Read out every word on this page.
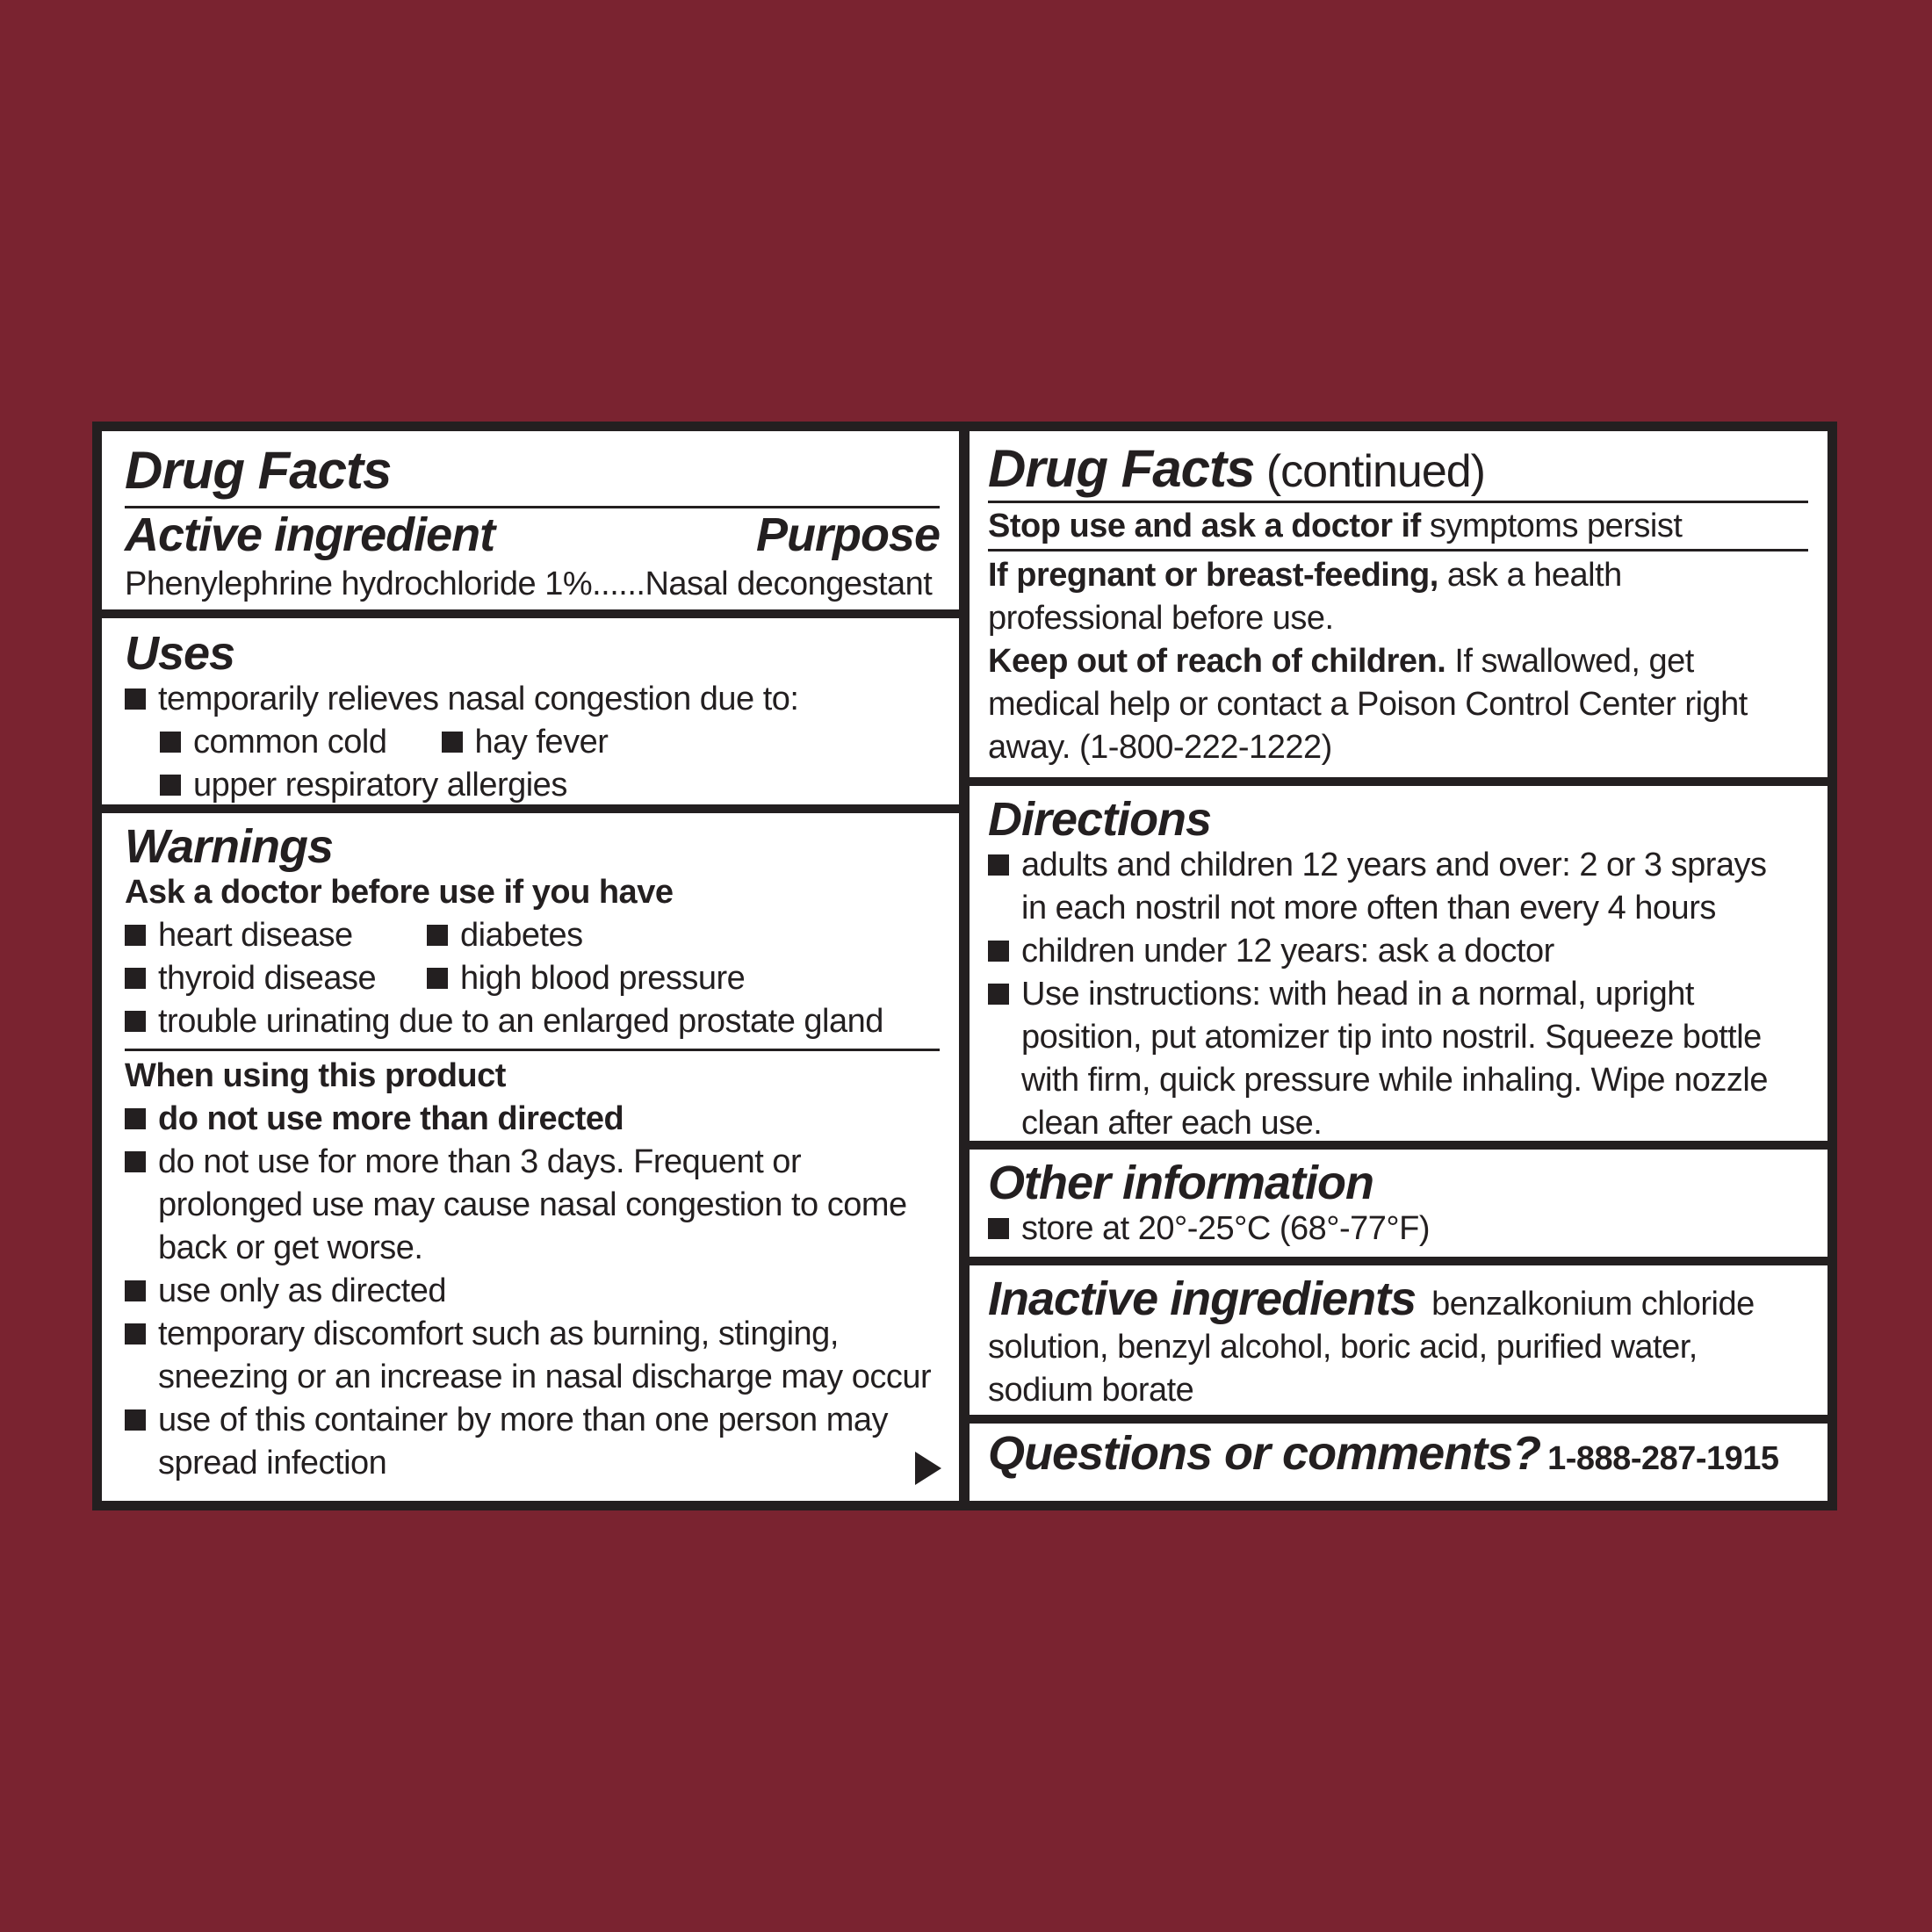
Drug Facts
Active ingredient	Purpose
Phenylephrine hydrochloride 1%......Nasal decongestant
Uses
temporarily relieves nasal congestion due to:
common cold	hay fever
upper respiratory allergies
Warnings
Ask a doctor before use if you have
heart disease	diabetes
thyroid disease	high blood pressure
trouble urinating due to an enlarged prostate gland
When using this product
do not use more than directed
do not use for more than 3 days. Frequent or
prolonged use may cause nasal congestion to come
back or get worse.
use only as directed
temporary discomfort such as burning, stinging,
sneezing or an increase in nasal discharge may occur
use of this container by more than one person may
spread infection
Drug Facts (continued)
Stop use and ask a doctor if symptoms persist
If pregnant or breast-feeding, ask a health
professional before use.
Keep out of reach of children. If swallowed, get
medical help or contact a Poison Control Center right
away. (1-800-222-1222)
Directions
adults and children 12 years and over: 2 or 3 sprays
in each nostril not more often than every 4 hours
children under 12 years: ask a doctor
Use instructions: with head in a normal, upright
position, put atomizer tip into nostril. Squeeze bottle
with firm, quick pressure while inhaling. Wipe nozzle
clean after each use.
Other information
store at 20°-25°C (68°-77°F)
Inactive ingredients benzalkonium chloride
solution, benzyl alcohol, boric acid, purified water,
sodium borate
Questions or comments? 1-888-287-1915
